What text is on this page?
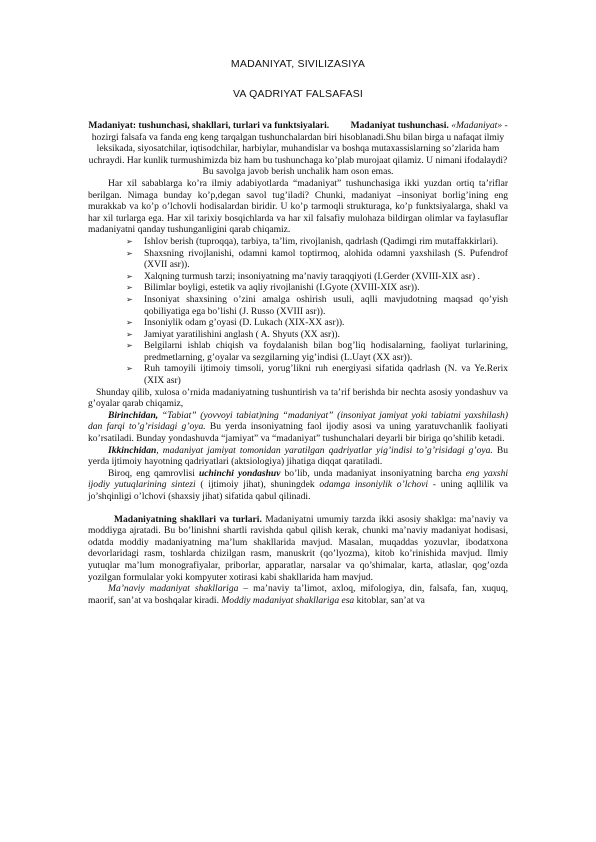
MADANIYAT, SIVILIZASIYA
VA QADRIYAT FALSAFASI

Madaniyat: tushunchasi, shakllari, turlari va funktsiyalari. Madaniyat tushunchasi. «Madaniyat» - hozirgi falsafa va fanda eng keng tarqalgan tushunchalardan biri hisoblanadi.Shu bilan birga u nafaqat ilmiy leksikada, siyosatchilar, iqtisodchilar, harbiylar, muhandislar va boshqa mutaxassislarning so’zlarida ham uchraydi. Har kunlik turmushimizda biz ham bu tushunchaga ko’plab murojaat qilamiz. U nimani ifodalaydi? Bu savolga javob berish unchalik ham oson emas.

Har xil sabablarga ko’ra ilmiy adabiyotlarda “madaniyat” tushunchasiga ikki yuzdan ortiq ta’riflar berilgan. Nimaga bunday ko’p,degan savol tug’iladi? Chunki, madaniyat –insoniyat borlig’ining eng murakkab va ko’p o’lchovli hodisalardan biridir. U ko’p tarmoqli strukturaga, ko’p funktsiyalarga, shakl va har xil turlarga ega. Har xil tarixiy bosqichlarda va har xil falsafiy mulohaza bildirgan olimlar va faylasuflar madaniyatni qanday tushunganligini qarab chiqamiz.

➢ Ishlov berish (tuproqqa), tarbiya, ta’lim, rivojlanish, qadrlash (Qadimgi rim mutaffakkirlari).
➢ Shaxsning rivojlanishi, odamni kamol toptirmoq, alohida odamni yaxshilash (S. Pufendrof (XVII asr)).
➢ Xalqning turmush tarzi; insoniyatning ma’naviy taraqqiyoti (I.Gerder (XVIII-XIX asr) .
➢ Bilimlar boyligi, estetik va aqliy rivojlanishi (I.Gyote (XVIII-XIX asr)).
➢ Insoniyat shaxsining o’zini amalga oshirish usuli, aqlli mavjudotning maqsad qo’yish qobiliyatiga ega bo’lishi (J. Russo (XVIII asr)).
➢ Insoniylik odam g’oyasi (D. Lukach (XIX-XX asr)).
➢ Jamiyat yaratilishini anglash ( A. Shyuts (XX asr)).
➢ Belgilarni ishlab chiqish va foydalanish bilan bog’liq hodisalarning, faoliyat turlarining, predmetlarning, g’oyalar va sezgilarning yig’indisi (L.Uayt (XX asr)).
➢ Ruh tamoyili ijtimoiy timsoli, yorug’likni ruh energiyasi sifatida qadrlash (N. va Ye.Rerix (XIX asr)

Shunday qilib, xulosa o’rnida madaniyatning tushuntirish va ta’rif berishda bir nechta asosiy yondashuv va g’oyalar qarab chiqamiz,

Birinchidan, “Tabiat” (yovvoyi tabiat)ning “madaniyat” (insoniyat jamiyat yoki tabiatni yaxshilash) dan farqi to’g’risidagi g’oya. Bu yerda insoniyatning faol ijodiy asosi va uning yaratuvchanlik faoliyati ko’rsatiladi. Bunday yondashuvda “jamiyat” va “madaniyat” tushunchalari deyarli bir biriga qo’shilib ketadi.

Ikkinchidan, madaniyat jamiyat tomonidan yaratilgan qadriyatlar yig’indisi to’g’risidagi g’oya. Bu yerda ijtimoiy hayotning qadriyatlari (aktsiologiya) jihatiga diqqat qaratiladi.

Biroq, eng qamrovlisi uchinchi yondashuv bo’lib, unda madaniyat insoniyatning barcha eng yaxshi ijodiy yutuqlarining sintezi ( ijtimoiy jihat), shuningdek odamga insoniylik o’lchovi - uning aqllilik va jo’shqinligi o’lchovi (shaxsiy jihat) sifatida qabul qilinadi.

Madaniyatning shakllari va turlari. Madaniyatni umumiy tarzda ikki asosiy shaklga: ma’naviy va moddiyga ajratadi. Bu bo’linishni shartli ravishda qabul qilish kerak, chunki ma’naviy madaniyat hodisasi, odatda moddiy madaniyatning ma’lum shakllarida mavjud. Masalan, muqaddas yozuvlar, ibodatxona devorlaridagi rasm, toshlarda chizilgan rasm, manuskrit (qo’lyozma), kitob ko’rinishida mavjud. Ilmiy yutuqlar ma’lum monografiyalar, priborlar, apparatlar, narsalar va qo’shimalar, karta, atlaslar, qog’ozda yozilgan formulalar yoki kompyuter xotirasi kabi shakllarida ham mavjud.

Ma’naviy madaniyat shakllariga – ma’naviy ta’limot, axloq, mifologiya, din, falsafa, fan, xuquq, maorif, san’at va boshqalar kiradi. Moddiy madaniyat shakllariga esa kitoblar, san’at va
